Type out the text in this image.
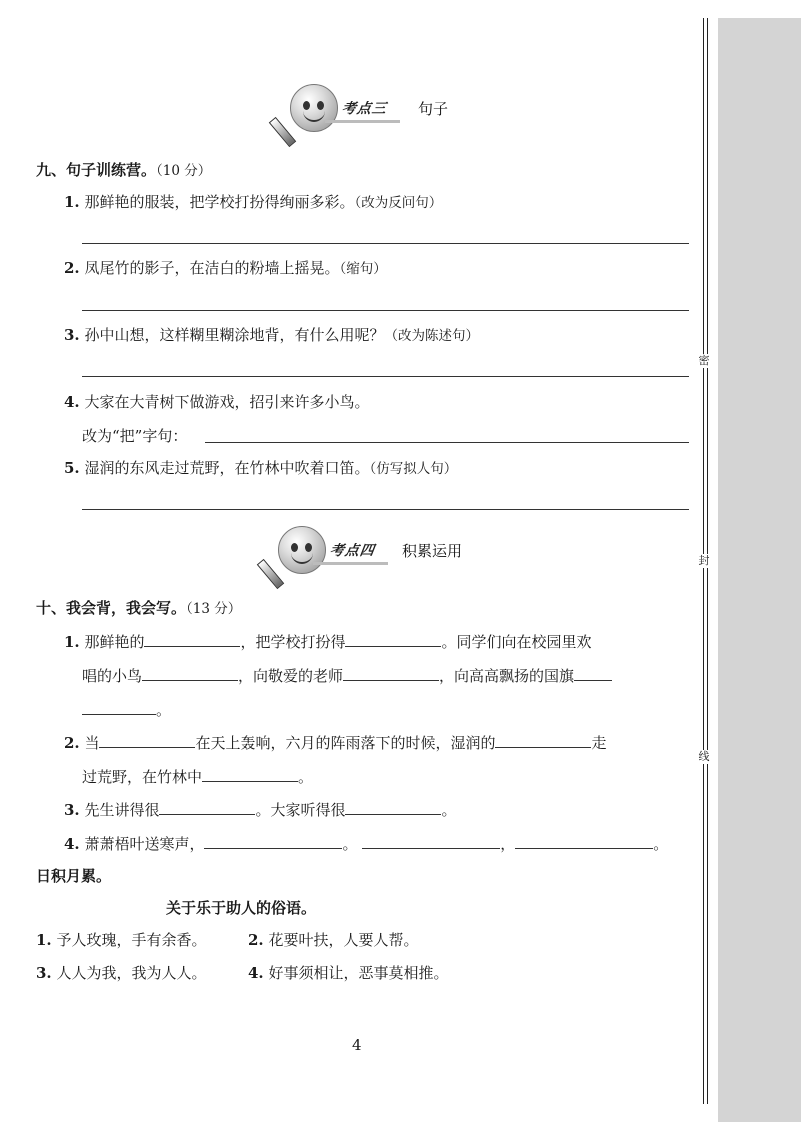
密
封
线
考点三 句子
九、句子训练营。（10 分）
1. 那鲜艳的服装，把学校打扮得绚丽多彩。（改为反问句）
2. 凤尾竹的影子，在洁白的粉墙上摇晃。（缩句）
3. 孙中山想，这样糊里糊涂地背，有什么用呢？（改为陈述句）
4. 大家在大青树下做游戏，招引来许多小鸟。
改为“把”字句：
5. 湿润的东风走过荒野，在竹林中吹着口笛。（仿写拟人句）
考点四 积累运用
十、我会背，我会写。（13 分）
1. 那鲜艳的	，把学校打扮得	。同学们向在校园里欢
唱的小鸟	，向敬爱的老师	，向高高飘扬的国旗
。
2. 当	在天上轰响，六月的阵雨落下的时候，湿润的	走
过荒野，在竹林中	。
3. 先生讲得很	。大家听得很	。
4. 萧萧梧叶送寒声，	。	，	。
日积月累。
关于乐于助人的俗语。
1. 予人玫瑰，手有余香。	2. 花要叶扶，人要人帮。
3. 人人为我，我为人人。	4. 好事须相让，恶事莫相推。
4
